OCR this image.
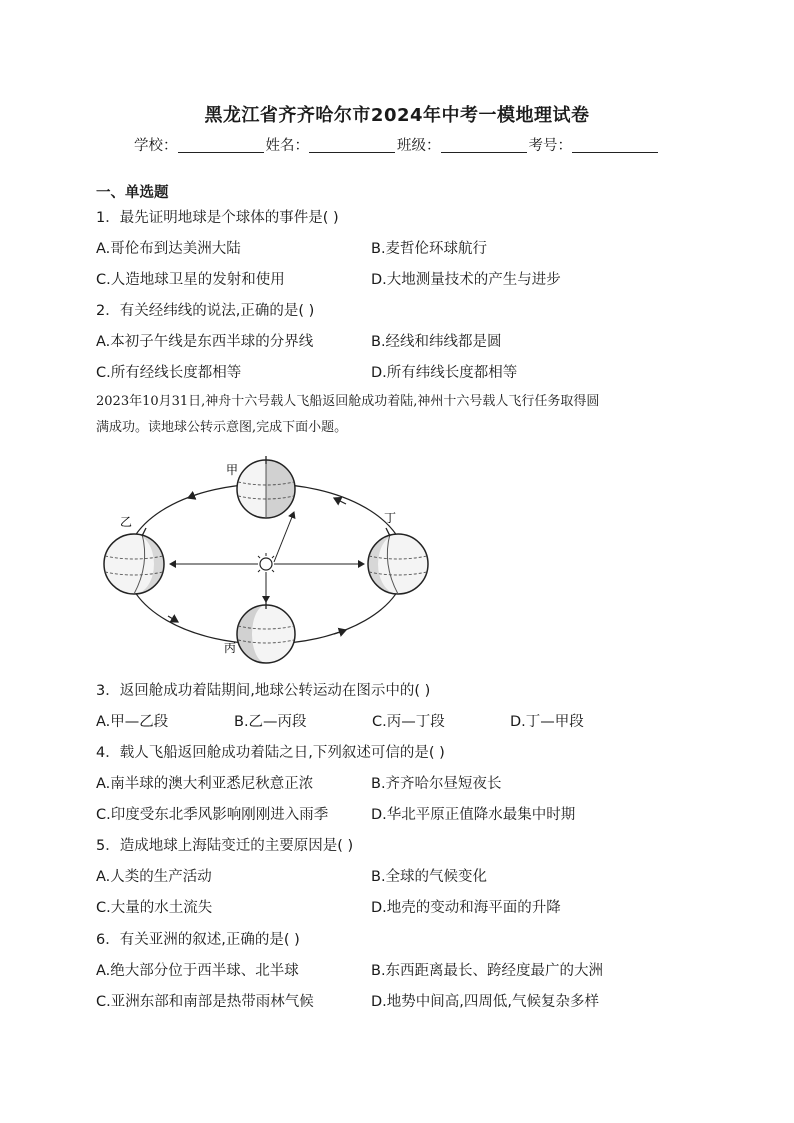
黑龙江省齐齐哈尔市2024年中考一模地理试卷
学校：	姓名：	班级：	考号：
一、单选题
1．最先证明地球是个球体的事件是( )
A.哥伦布到达美洲大陆	B.麦哲伦环球航行
C.人造地球卫星的发射和使用	D.大地测量技术的产生与进步
2．有关经纬线的说法,正确的是( )
A.本初子午线是东西半球的分界线	B.经线和纬线都是圆
C.所有经线长度都相等	D.所有纬线长度都相等
2023年10月31日,神舟十六号载人飞船返回舱成功着陆,神州十六号载人飞行任务取得圆
满成功。读地球公转示意图,完成下面小题。
甲
乙
丙
丁
3．返回舱成功着陆期间,地球公转运动在图示中的( )
A.甲—乙段	B.乙—丙段	C.丙—丁段	D.丁—甲段
4．载人飞船返回舱成功着陆之日,下列叙述可信的是( )
A.南半球的澳大利亚悉尼秋意正浓	B.齐齐哈尔昼短夜长
C.印度受东北季风影响刚刚进入雨季	D.华北平原正值降水最集中时期
5．造成地球上海陆变迁的主要原因是( )
A.人类的生产活动	B.全球的气候变化
C.大量的水土流失	D.地壳的变动和海平面的升降
6．有关亚洲的叙述,正确的是( )
A.绝大部分位于西半球、北半球	B.东西距离最长、跨经度最广的大洲
C.亚洲东部和南部是热带雨林气候	D.地势中间高,四周低,气候复杂多样
